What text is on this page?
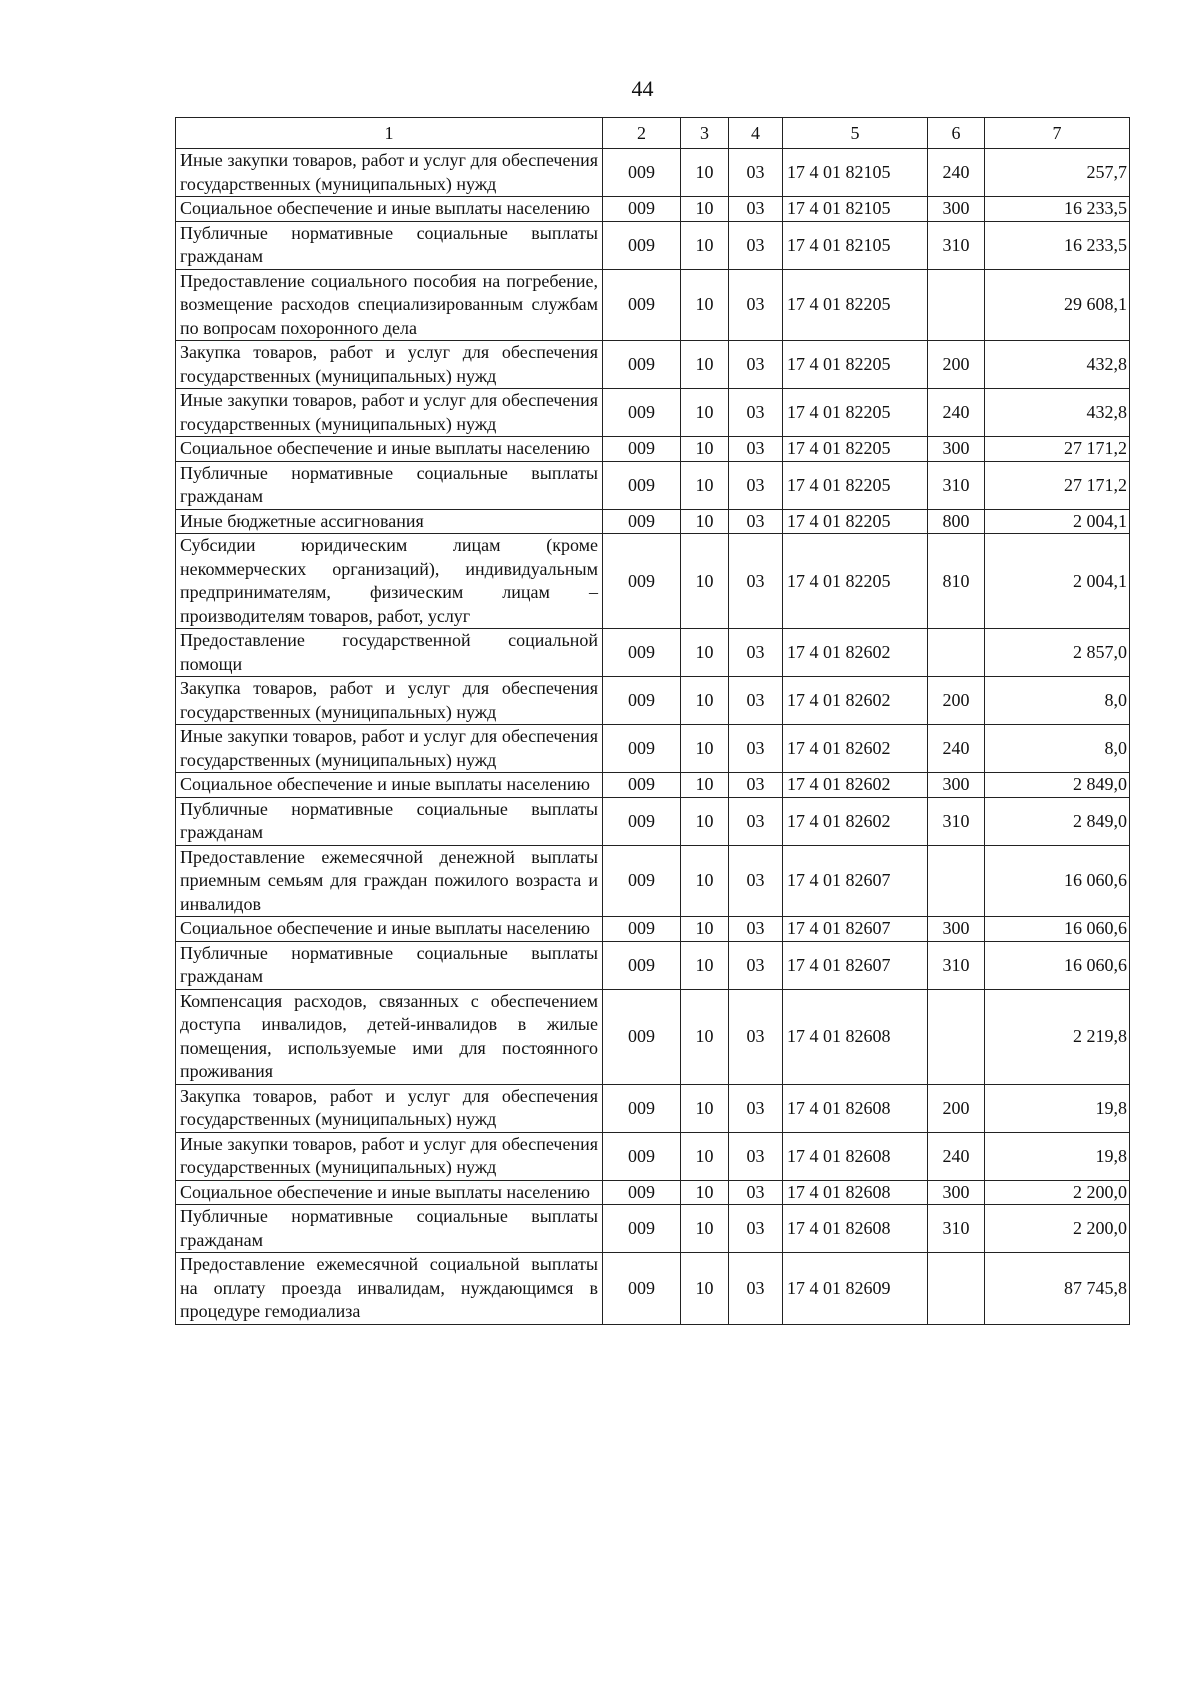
44
1	2	3	4	5	6	7
Иные закупки товаров, работ и услуг для обеспечения государственных (муниципальных) нужд	009	10	03	17 4 01 82105	240	257,7
Социальное обеспечение и иные выплаты населению	009	10	03	17 4 01 82105	300	16 233,5
Публичные нормативные социальные выплаты гражданам	009	10	03	17 4 01 82105	310	16 233,5
Предоставление социального пособия на погребение, возмещение расходов специализированным службам по вопросам похоронного дела	009	10	03	17 4 01 82205		29 608,1
Закупка товаров, работ и услуг для обеспечения государственных (муниципальных) нужд	009	10	03	17 4 01 82205	200	432,8
Иные закупки товаров, работ и услуг для обеспечения государственных (муниципальных) нужд	009	10	03	17 4 01 82205	240	432,8
Социальное обеспечение и иные выплаты населению	009	10	03	17 4 01 82205	300	27 171,2
Публичные нормативные социальные выплаты гражданам	009	10	03	17 4 01 82205	310	27 171,2
Иные бюджетные ассигнования	009	10	03	17 4 01 82205	800	2 004,1
Субсидии юридическим лицам (кроме некоммерческих организаций), индивидуальным предпринимателям, физическим лицам – производителям товаров, работ, услуг	009	10	03	17 4 01 82205	810	2 004,1
Предоставление государственной социальной помощи	009	10	03	17 4 01 82602		2 857,0
Закупка товаров, работ и услуг для обеспечения государственных (муниципальных) нужд	009	10	03	17 4 01 82602	200	8,0
Иные закупки товаров, работ и услуг для обеспечения государственных (муниципальных) нужд	009	10	03	17 4 01 82602	240	8,0
Социальное обеспечение и иные выплаты населению	009	10	03	17 4 01 82602	300	2 849,0
Публичные нормативные социальные выплаты гражданам	009	10	03	17 4 01 82602	310	2 849,0
Предоставление ежемесячной денежной выплаты приемным семьям для граждан пожилого возраста и инвалидов	009	10	03	17 4 01 82607		16 060,6
Социальное обеспечение и иные выплаты населению	009	10	03	17 4 01 82607	300	16 060,6
Публичные нормативные социальные выплаты гражданам	009	10	03	17 4 01 82607	310	16 060,6
Компенсация расходов, связанных с обеспечением доступа инвалидов, детей-инвалидов в жилые помещения, используемые ими для постоянного проживания	009	10	03	17 4 01 82608		2 219,8
Закупка товаров, работ и услуг для обеспечения государственных (муниципальных) нужд	009	10	03	17 4 01 82608	200	19,8
Иные закупки товаров, работ и услуг для обеспечения государственных (муниципальных) нужд	009	10	03	17 4 01 82608	240	19,8
Социальное обеспечение и иные выплаты населению	009	10	03	17 4 01 82608	300	2 200,0
Публичные нормативные социальные выплаты гражданам	009	10	03	17 4 01 82608	310	2 200,0
Предоставление ежемесячной социальной выплаты на оплату проезда инвалидам, нуждающимся в процедуре гемодиализа	009	10	03	17 4 01 82609		87 745,8
